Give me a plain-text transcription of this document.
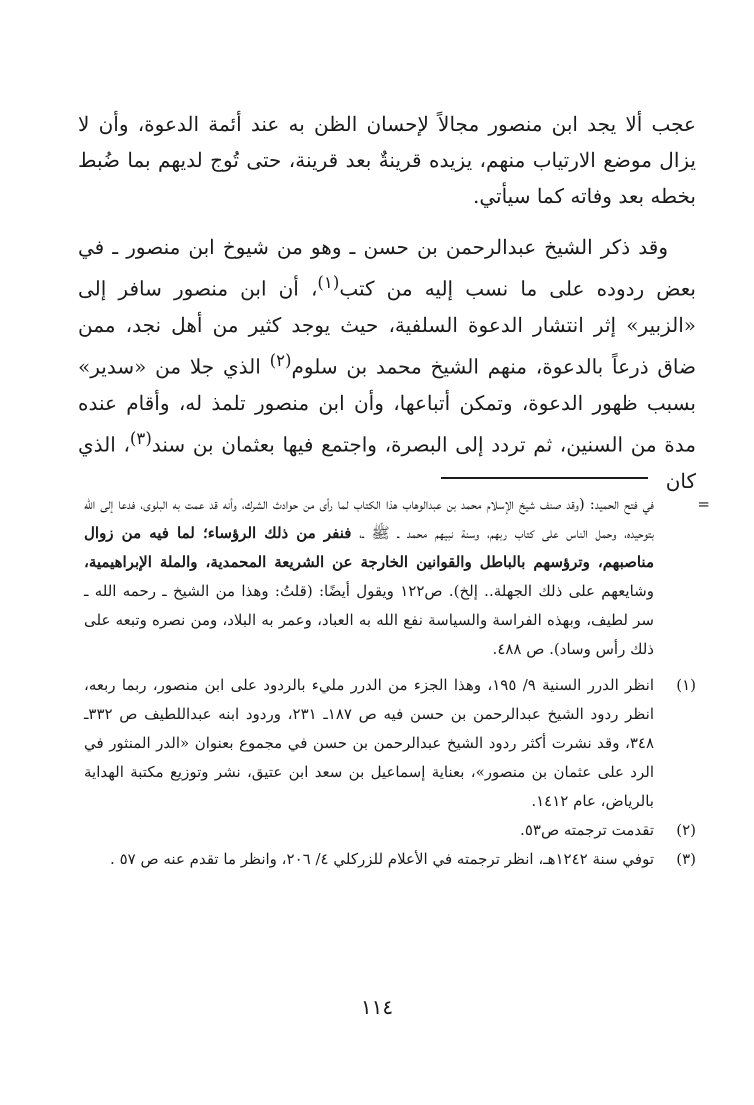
عجب ألا يجد ابن منصور مجالاً لإحسان الظن به عند أئمة الدعوة، وأن لا يزال موضع الارتياب منهم، يزيده قرينةٌ بعد قرينة، حتى تُوج لديهم بما ضُبط بخطه بعد وفاته كما سيأتي.

وقد ذكر الشيخ عبدالرحمن بن حسن ـ وهو من شيوخ ابن منصور ـ في بعض ردوده على ما نسب إليه من كتب$^{(١)}$، أن ابن منصور سافر إلى «الزبير» إثر انتشار الدعوة السلفية، حيث يوجد كثير من أهل نجد، ممن ضاق ذرعاً بالدعوة، منهم الشيخ محمد بن سلوم$^{(٢)}$ الذي جلا من «سدير» بسبب ظهور الدعوة، وتمكن أتباعها، وأن ابن منصور تلمذ له، وأقام عنده مدة من السنين، ثم تردد إلى البصرة، واجتمع فيها بعثمان بن سند$^{(٣)}$، الذي كان

=
في فتح الحميد: (وقد صنف شيخ الإسلام محمد بن عبدالوهاب هذا الكتاب لما رأى من حوادث الشرك، وأنه قد عمت به البلوى، فدعا إلى الله بتوحيده، وحمل الناس على كتاب ربهم، وسنة نبيهم محمد ـ ﷺ ـ، فنفر من ذلك الرؤساء؛ لما فيه من زوال مناصبهم، وترؤسهم بالباطل والقوانين الخارجة عن الشريعة المحمدية، والملة الإبراهيمية، وشايعهم على ذلك الجهلة.. إلخ). ص١٢٢ ويقول أيضًا: (قلتُ: وهذا من الشيخ ـ رحمه الله ـ سر لطيف، وبهذه الفراسة والسياسة نفع الله به العباد، وعمر به البلاد، ومن نصره وتبعه على ذلك رأس وساد). ص ٤٨٨.

(١)
انظر الدرر السنية ٩/ ١٩٥، وهذا الجزء من الدرر مليء بالردود على ابن منصور، ربما ربعه، انظر ردود الشيخ عبدالرحمن بن حسن فيه ص ١٨٧ـ ٢٣١، وردود ابنه عبداللطيف ص ٣٣٢ـ ٣٤٨، وقد نشرت أكثر ردود الشيخ عبدالرحمن بن حسن في مجموع بعنوان «الدر المنثور في الرد على عثمان بن منصور»، بعناية إسماعيل بن سعد ابن عتيق، نشر وتوزيع مكتبة الهداية بالرياض، عام ١٤١٢.

(٢)
تقدمت ترجمته ص٥٣.

(٣)
توفي سنة ١٢٤٢هـ، انظر ترجمته في الأعلام للزركلي ٤/ ٢٠٦، وانظر ما تقدم عنه ص ٥٧ .

١١٤
